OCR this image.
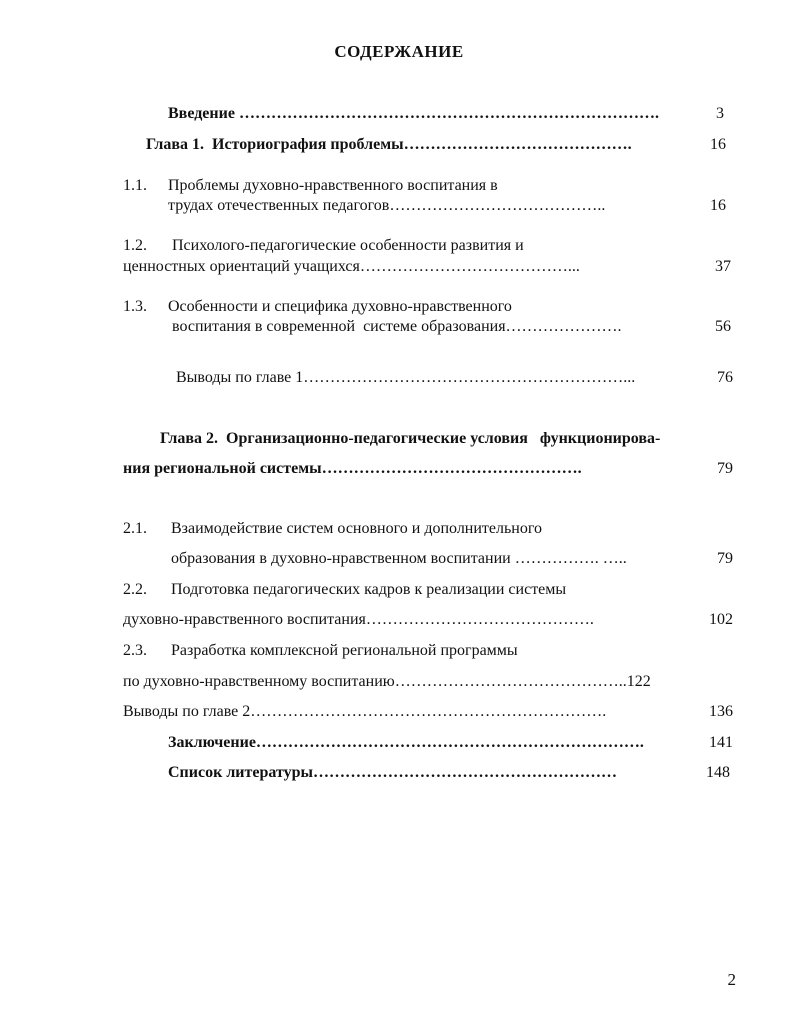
СОДЕРЖАНИЕ
Введение …………………………………………………………………….	3
Глава 1.  Историография проблемы…………………………………….	16
1.1. Проблемы духовно-нравственного воспитания в
трудах отечественных педагогов…………………………………..	16
1.2. Психолого-педагогические особенности развития и
ценностных ориентаций учащихся…………………………………...	37
1.3. Особенности и специфика духовно-нравственного
воспитания в современной  системе образования………………….	56
Выводы по главе 1……………………………………………………...	76
Глава 2.  Организационно-педагогические условия   функционирова-
ния региональной системы………………………………………….	79
2.1. Взаимодействие систем основного и дополнительного
образования в духовно-нравственном воспитании ……………. …..	79
2.2. Подготовка педагогических кадров к реализации системы
духовно-нравственного воспитания…………………………………….	102
2.3. Разработка комплексной региональной программы
по духовно-нравственному воспитанию……………………………………..122
Выводы по главе 2………………………………………………………….	136
Заключение……………………………………………………………….	141
Список литературы…………………………………………………	148
2
